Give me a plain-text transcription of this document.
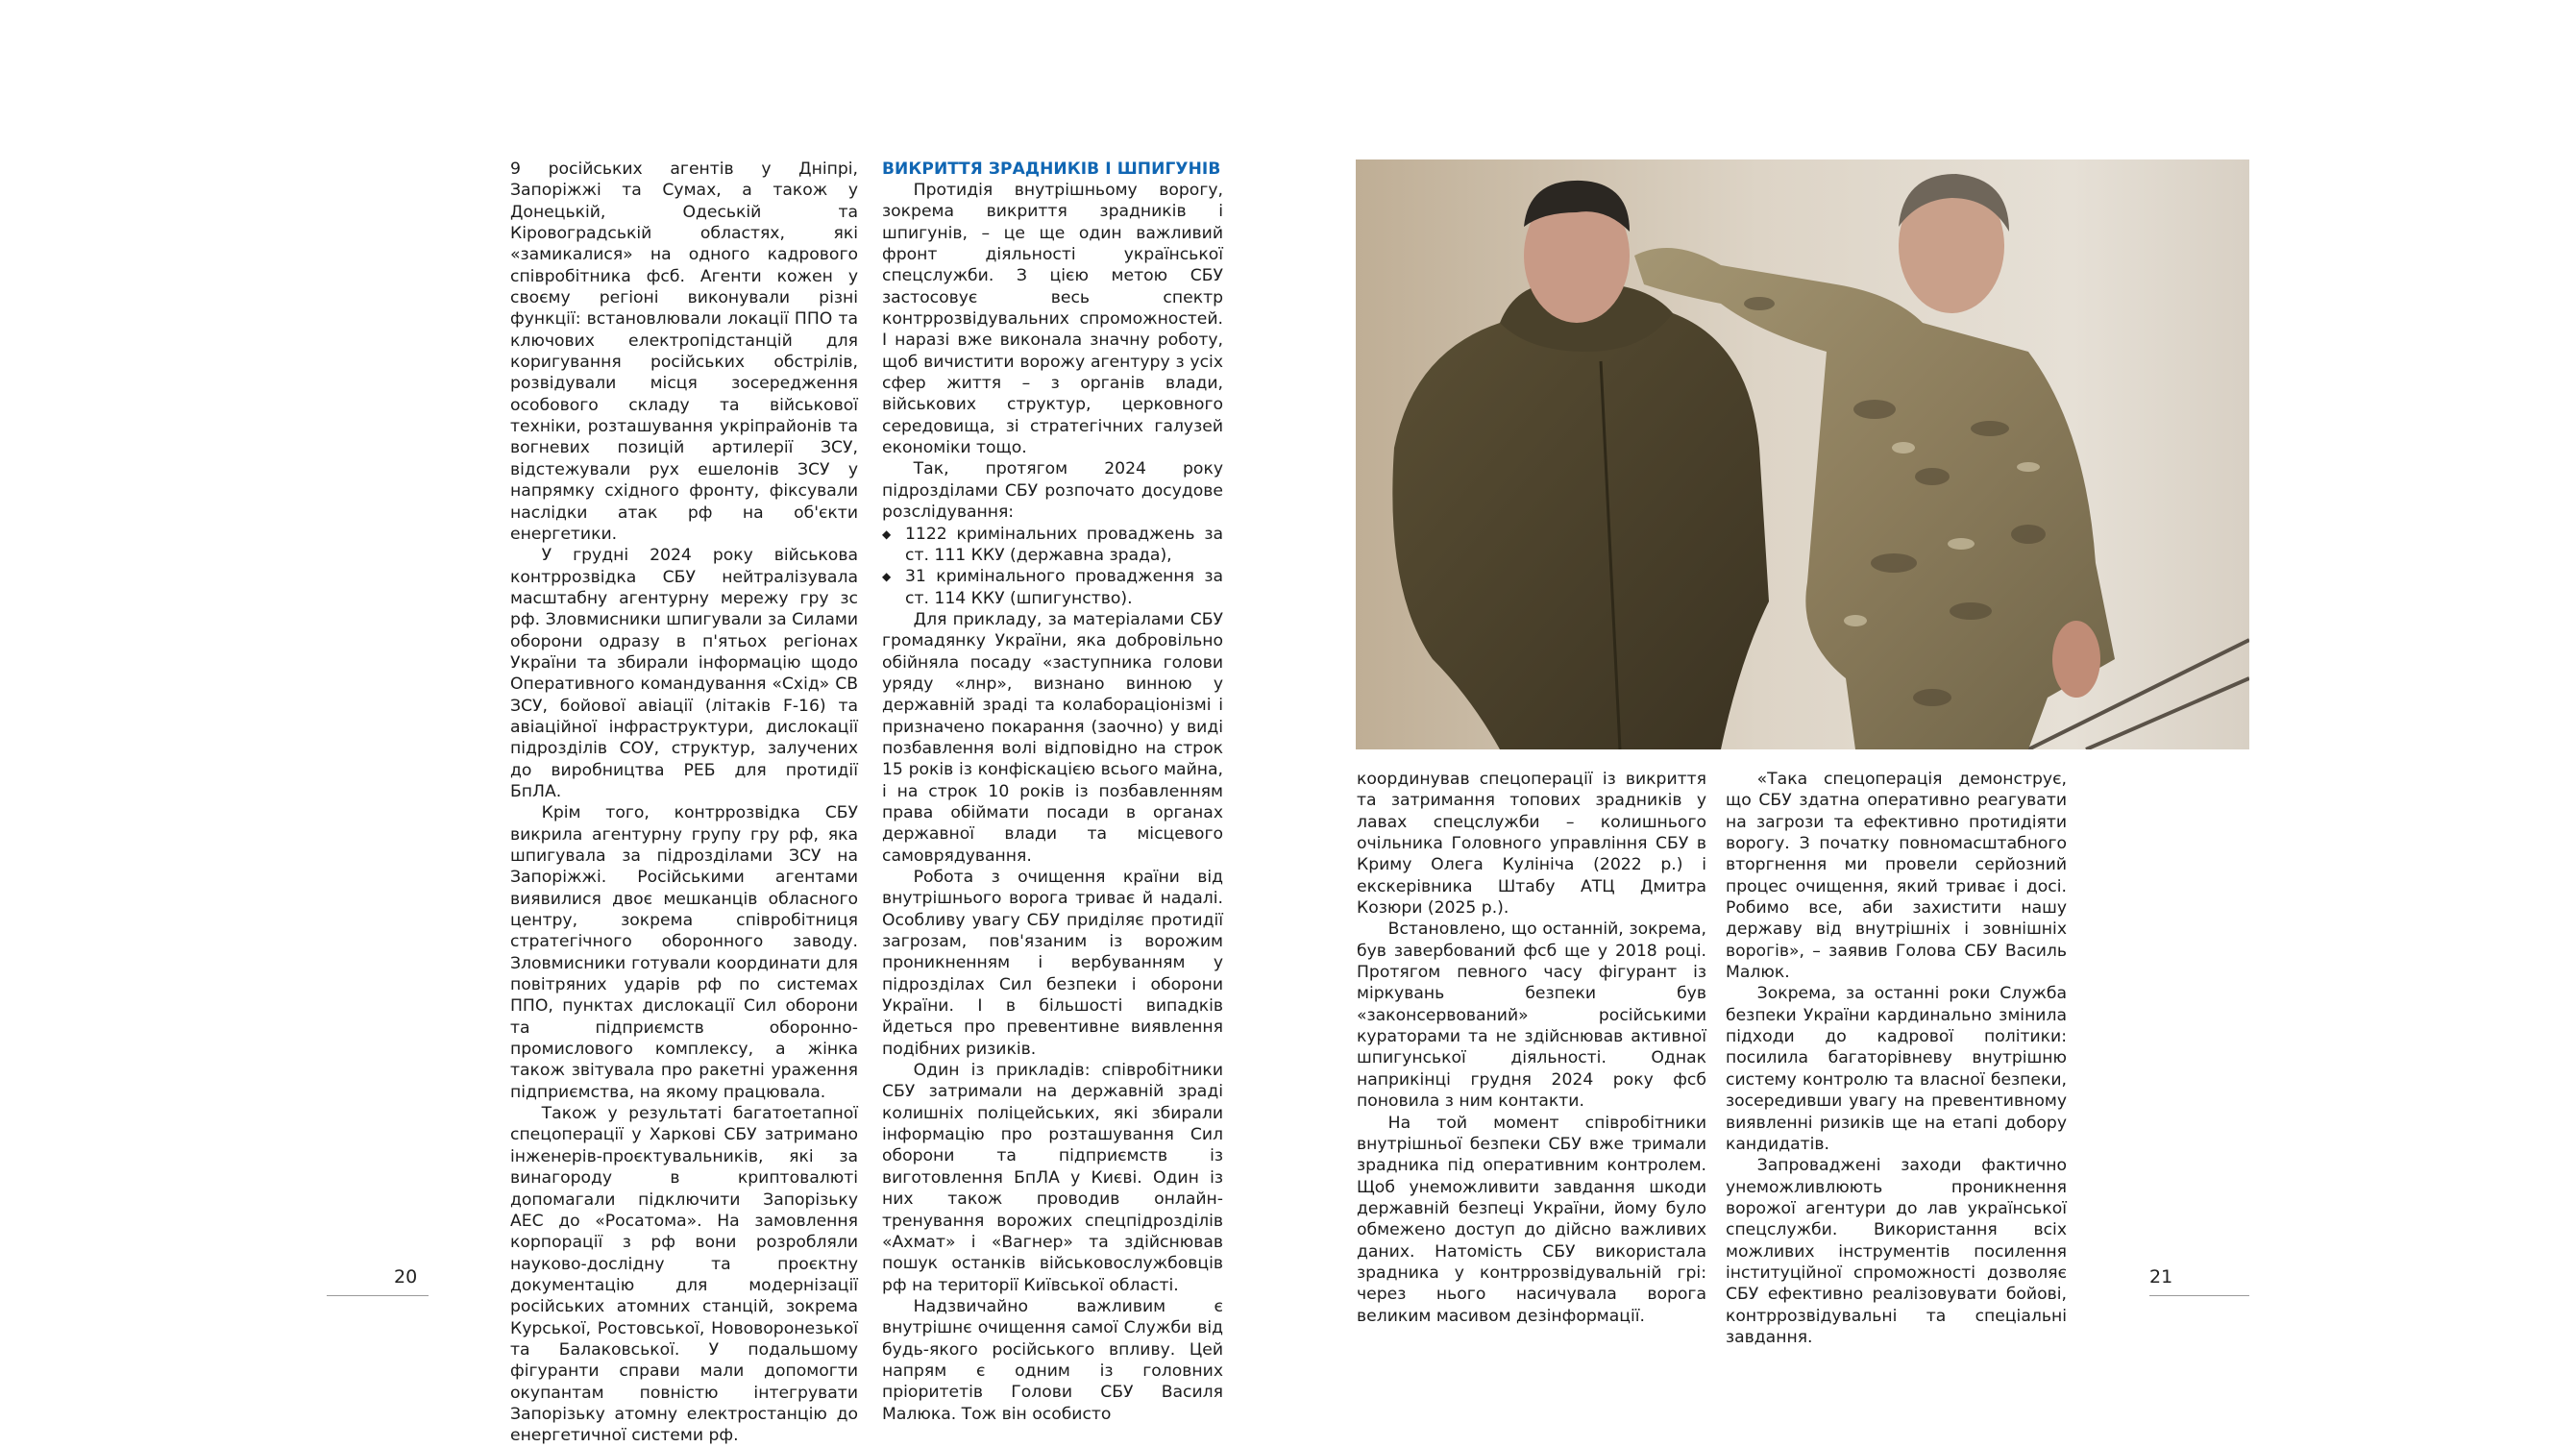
9 російських агентів у Дніпрі, Запоріжжі та Сумах, а також у Донецькій, Одеській та Кіровоградській областях, які «замикалися» на одного кадрового співробітника фсб. Агенти кожен у своєму регіоні виконували різні функції: встановлювали локації ППО та ключових електропідстанцій для коригування російських обстрілів, розвідували місця зосередження особового складу та військової техніки, розташування укріпрайонів та вогневих позицій артилерії ЗСУ, відстежували рух ешелонів ЗСУ у напрямку східного фронту, фіксували наслідки атак рф на об'єкти енергетики.

У грудні 2024 року військова контррозвідка СБУ нейтралізувала масштабну агентурну мережу гру зс рф. Зловмисники шпигували за Силами оборони одразу в п'ятьох регіонах України та збирали інформацію щодо Оперативного командування «Схід» СВ ЗСУ, бойової авіації (літаків F-16) та авіаційної інфраструктури, дислокації підрозділів СОУ, структур, залучених до виробництва РЕБ для протидії БпЛА.

Крім того, контррозвідка СБУ викрила агентурну групу гру рф, яка шпигувала за підрозділами ЗСУ на Запоріжжі. Російськими агентами виявилися двоє мешканців обласного центру, зокрема співробітниця стратегічного оборонного заводу. Зловмисники готували координати для повітряних ударів рф по системах ППО, пунктах дислокації Сил оборони та підприємств оборонно-промислового комплексу, а жінка також звітувала про ракетні ураження підприємства, на якому працювала.

Також у результаті багатоетапної спецоперації у Харкові СБУ затримано інженерів-проєктувальників, які за винагороду в криптовалюті допомагали підключити Запорізьку АЕС до «Росатома». На замовлення корпорації з рф вони розробляли науково-дослідну та проєктну документацію для модернізації російських атомних станцій, зокрема Курської, Ростовської, Нововоронезької та Балаковської. У подальшому фігуранти справи мали допомогти окупантам повністю інтегрувати Запорізьку атомну електростанцію до енергетичної системи рф.

ВИКРИТТЯ ЗРАДНИКІВ І ШПИГУНІВ

Протидія внутрішньому ворогу, зокрема викриття зрадників і шпигунів, – це ще один важливий фронт діяльності української спецслужби. З цією метою СБУ застосовує весь спектр контррозвідувальних спроможностей. І наразі вже виконала значну роботу, щоб вичистити ворожу агентуру з усіх сфер життя – з органів влади, військових структур, церковного середовища, зі стратегічних галузей економіки тощо.

Так, протягом 2024 року підрозділами СБУ розпочато досудове розслідування:

◆ 1122 кримінальних проваджень за ст. 111 ККУ (державна зрада),
◆ 31 кримінального провадження за ст. 114 ККУ (шпигунство).

Для прикладу, за матеріалами СБУ громадянку України, яка добровільно обійняла посаду «заступника голови уряду «лнр», визнано винною у державній зраді та колабораціонізмі і призначено покарання (заочно) у виді позбавлення волі відповідно на строк 15 років із конфіскацією всього майна, і на строк 10 років із позбавленням права обіймати посади в органах державної влади та місцевого самоврядування.

Робота з очищення країни від внутрішнього ворога триває й надалі. Особливу увагу СБУ приділяє протидії загрозам, пов'язаним із ворожим проникненням і вербуванням у підрозділах Сил безпеки і оборони України. І в більшості випадків йдеться про превентивне виявлення подібних ризиків.

Один із прикладів: співробітники СБУ затримали на державній зраді колишніх поліцейських, які збирали інформацію про розташування Сил оборони та підприємств із виготовлення БпЛА у Києві. Один із них також проводив онлайн-тренування ворожих спецпідрозділів «Ахмат» і «Вагнер» та здійснював пошук останків військовослужбовців рф на території Київської області.

Надзвичайно важливим є внутрішнє очищення самої Служби від будь-якого російського впливу. Цей напрям є одним із головних пріоритетів Голови СБУ Василя Малюка. Тож він особисто

20

координував спецоперації із викриття та затримання топових зрадників у лавах спецслужби – колишнього очільника Головного управління СБУ в Криму Олега Кулініча (2022 р.) і екскерівника Штабу АТЦ Дмитра Козюри (2025 р.).

Встановлено, що останній, зокрема, був завербований фсб ще у 2018 році. Протягом певного часу фігурант із міркувань безпеки був «законсервований» російськими кураторами та не здійснював активної шпигунської діяльності. Однак наприкінці грудня 2024 року фсб поновила з ним контакти.

На той момент співробітники внутрішньої безпеки СБУ вже тримали зрадника під оперативним контролем. Щоб унеможливити завдання шкоди державній безпеці України, йому було обмежено доступ до дійсно важливих даних. Натомість СБУ використала зрадника у контррозвідувальній грі: через нього насичувала ворога великим масивом дезінформації.

«Така спецоперація демонструє, що СБУ здатна оперативно реагувати на загрози та ефективно протидіяти ворогу. З початку повномасштабного вторгнення ми провели серйозний процес очищення, який триває і досі. Робимо все, аби захистити нашу державу від внутрішніх і зовнішніх ворогів», – заявив Голова СБУ Василь Малюк.

Зокрема, за останні роки Служба безпеки України кардинально змінила підходи до кадрової політики: посилила багаторівневу внутрішню систему контролю та власної безпеки, зосередивши увагу на превентивному виявленні ризиків ще на етапі добору кандидатів.

Запроваджені заходи фактично унеможливлюють проникнення ворожої агентури до лав української спецслужби. Використання всіх можливих інструментів посилення інституційної спроможності дозволяє СБУ ефективно реалізовувати бойові, контррозвідувальні та спеціальні завдання.

21
